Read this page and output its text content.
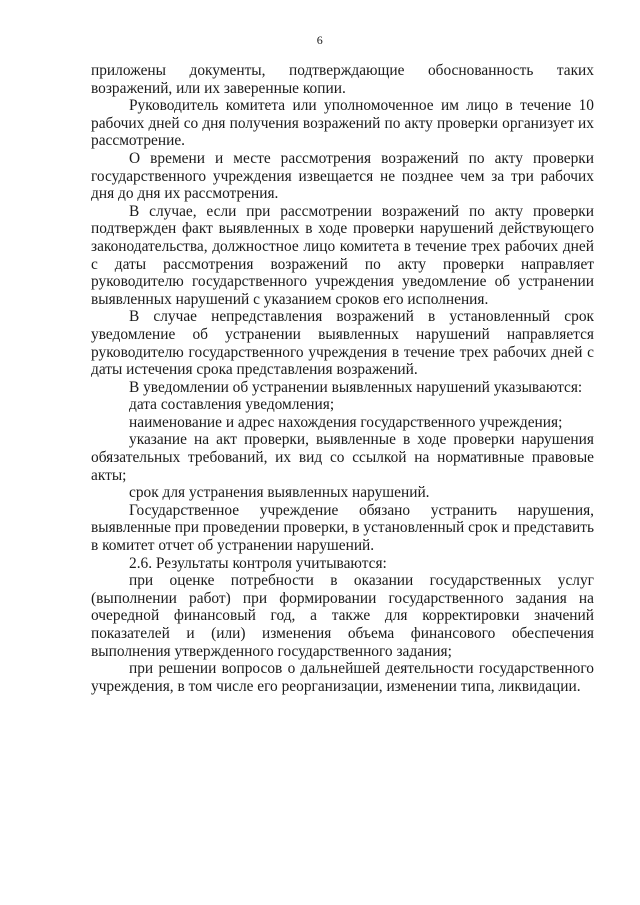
6

приложены документы, подтверждающие обоснованность таких возражений, или их заверенные копии.

Руководитель комитета или уполномоченное им лицо в течение 10 рабочих дней со дня получения возражений по акту проверки организует их рассмотрение.

О времени и месте рассмотрения возражений по акту проверки государственного учреждения извещается не позднее чем за три рабочих дня до дня их рассмотрения.

В случае, если при рассмотрении возражений по акту проверки подтвержден факт выявленных в ходе проверки нарушений действующего законодательства, должностное лицо комитета в течение трех рабочих дней с даты рассмотрения возражений по акту проверки направляет руководителю государственного учреждения уведомление об устранении выявленных нарушений с указанием сроков его исполнения.

В случае непредставления возражений в установленный срок уведомление об устранении выявленных нарушений направляется руководителю государственного учреждения в течение трех рабочих дней с даты истечения срока представления возражений.

В уведомлении об устранении выявленных нарушений указываются:

дата составления уведомления;

наименование и адрес нахождения государственного учреждения;

указание на акт проверки, выявленные в ходе проверки нарушения обязательных требований, их вид со ссылкой на нормативные правовые акты;

срок для устранения выявленных нарушений.

Государственное учреждение обязано устранить нарушения, выявленные при проведении проверки, в установленный срок и представить в комитет отчет об устранении нарушений.

2.6. Результаты контроля учитываются:

при оценке потребности в оказании государственных услуг (выполнении работ) при формировании государственного задания на очередной финансовый год, а также для корректировки значений показателей и (или) изменения объема финансового обеспечения выполнения утвержденного государственного задания;

при решении вопросов о дальнейшей деятельности государственного учреждения, в том числе его реорганизации, изменении типа, ликвидации.
